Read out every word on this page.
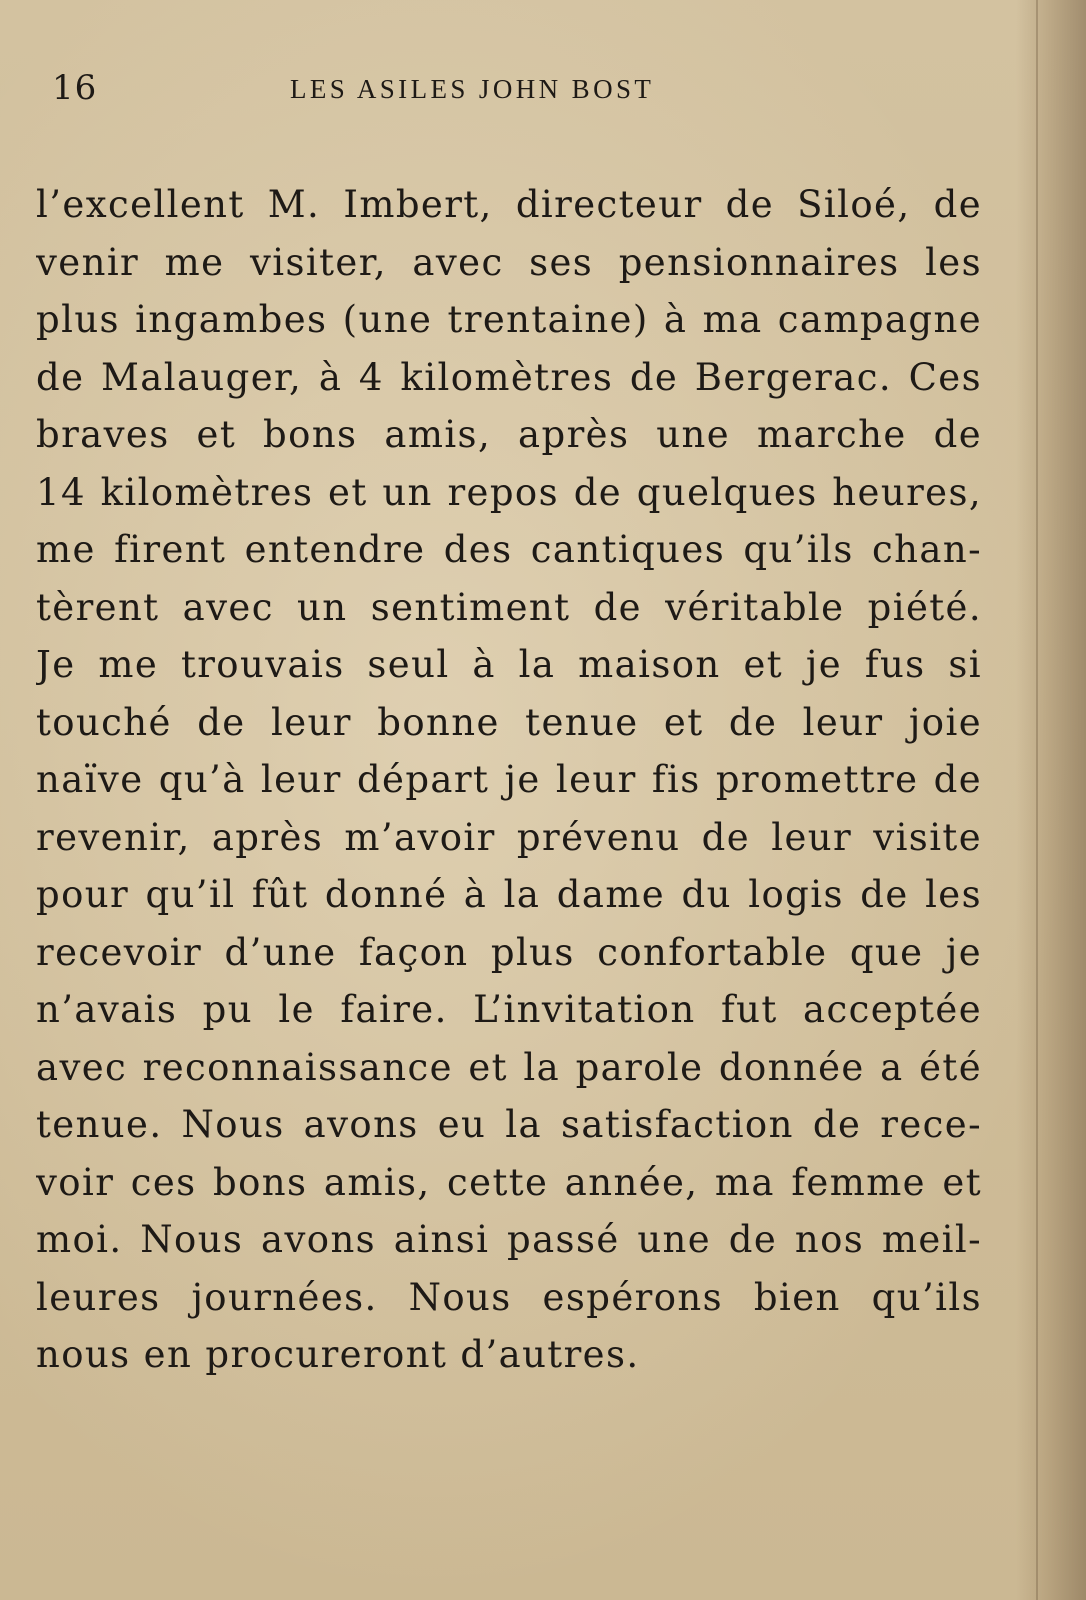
16	LES ASILES JOHN BOST
l’excellent M. Imbert, directeur de Siloé, de
venir me visiter, avec ses pensionnaires les
plus ingambes (une trentaine) à ma campagne
de Malauger, à 4 kilomètres de Bergerac. Ces
braves et bons amis, après une marche de
14 kilomètres et un repos de quelques heures,
me firent entendre des cantiques qu’ils chan-
tèrent avec un sentiment de véritable piété.
Je me trouvais seul à la maison et je fus si
touché de leur bonne tenue et de leur joie
naïve qu’à leur départ je leur fis promettre de
revenir, après m’avoir prévenu de leur visite
pour qu’il fût donné à la dame du logis de les
recevoir d’une façon plus confortable que je
n’avais pu le faire. L’invitation fut acceptée
avec reconnaissance et la parole donnée a été
tenue. Nous avons eu la satisfaction de rece-
voir ces bons amis, cette année, ma femme et
moi. Nous avons ainsi passé une de nos meil-
leures journées. Nous espérons bien qu’ils
nous en procureront d’autres.
